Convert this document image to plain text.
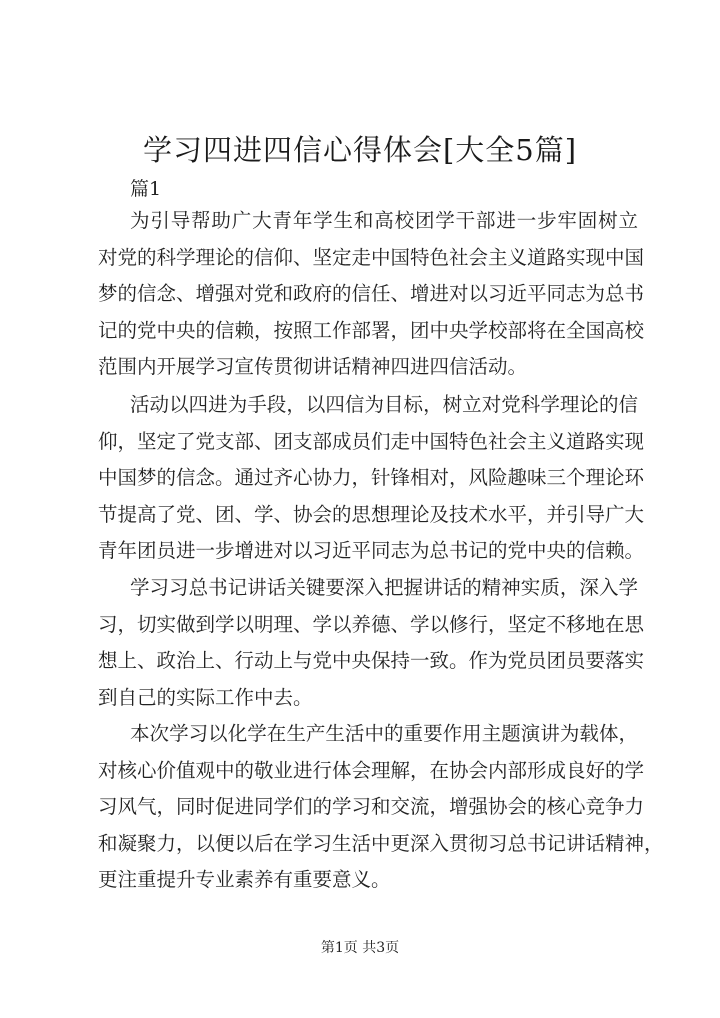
学习四进四信心得体会[大全5篇]
篇1
为引导帮助广大青年学生和高校团学干部进一步牢固树立
对党的科学理论的信仰、坚定走中国特色社会主义道路实现中国
梦的信念、增强对党和政府的信任、增进对以习近平同志为总书
记的党中央的信赖，按照工作部署，团中央学校部将在全国高校
范围内开展学习宣传贯彻讲话精神四进四信活动。
活动以四进为手段，以四信为目标，树立对党科学理论的信
仰，坚定了党支部、团支部成员们走中国特色社会主义道路实现
中国梦的信念。通过齐心协力，针锋相对，风险趣味三个理论环
节提高了党、团、学、协会的思想理论及技术水平，并引导广大
青年团员进一步增进对以习近平同志为总书记的党中央的信赖。
学习习总书记讲话关键要深入把握讲话的精神实质，深入学
习，切实做到学以明理、学以养德、学以修行，坚定不移地在思
想上、政治上、行动上与党中央保持一致。作为党员团员要落实
到自己的实际工作中去。
本次学习以化学在生产生活中的重要作用主题演讲为载体，
对核心价值观中的敬业进行体会理解，在协会内部形成良好的学
习风气，同时促进同学们的学习和交流，增强协会的核心竞争力
和凝聚力，以便以后在学习生活中更深入贯彻习总书记讲话精神，
更注重提升专业素养有重要意义。
第1页 共3页
